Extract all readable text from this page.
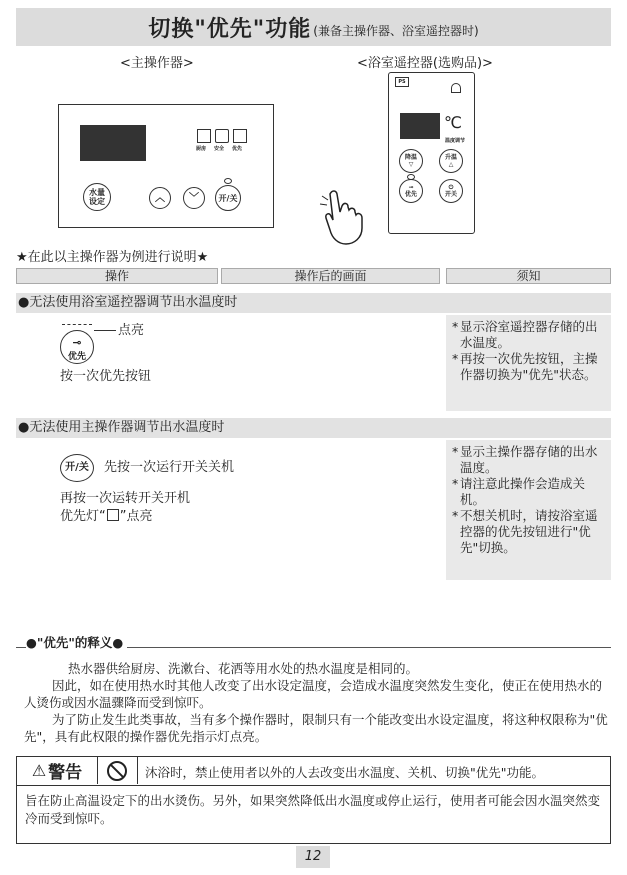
切换"优先"功能 (兼备主操作器、浴室遥控器时)
<主操作器>	<浴室遥控器(选购品)>
厨房 安全 优先
水量
设定	︿ ﹀	开/关
PS
℃
温度调节
降温
▽
升温
△
⊸
优先
⏻
开关
★在此以主操作器为例进行说明★
操作	操作后的画面	须知
●无法使用浴室遥控器调节出水温度时
⊸
优先
点亮
按一次优先按钮
* 显示浴室遥控器存储的出水温度。
* 再按一次优先按钮，主操作器切换为"优先"状态。
●无法使用主操作器调节出水温度时
开/关	先按一次运行开关关机
再按一次运转开关开机
优先灯“ ”点亮
* 显示主操作器存储的出水温度。
* 请注意此操作会造成关机。
* 不想关机时，请按浴室遥控器的优先按钮进行"优先"切换。
●"优先"的释义●
热水器供给厨房、洗漱台、花洒等用水处的热水温度是相同的。
因此，如在使用热水时其他人改变了出水设定温度，会造成水温度突然发生变化，使正在使用热水的人烫伤或因水温骤降而受到惊吓。
为了防止发生此类事故，当有多个操作器时，限制只有一个能改变出水设定温度，将这种权限称为"优先"，具有此权限的操作器优先指示灯点亮。
⚠ 警告	沐浴时，禁止使用者以外的人去改变出水温度、关机、切换"优先"功能。
旨在防止高温设定下的出水烫伤。另外，如果突然降低出水温度或停止运行，使用者可能会因水温突然变冷而受到惊吓。
12
